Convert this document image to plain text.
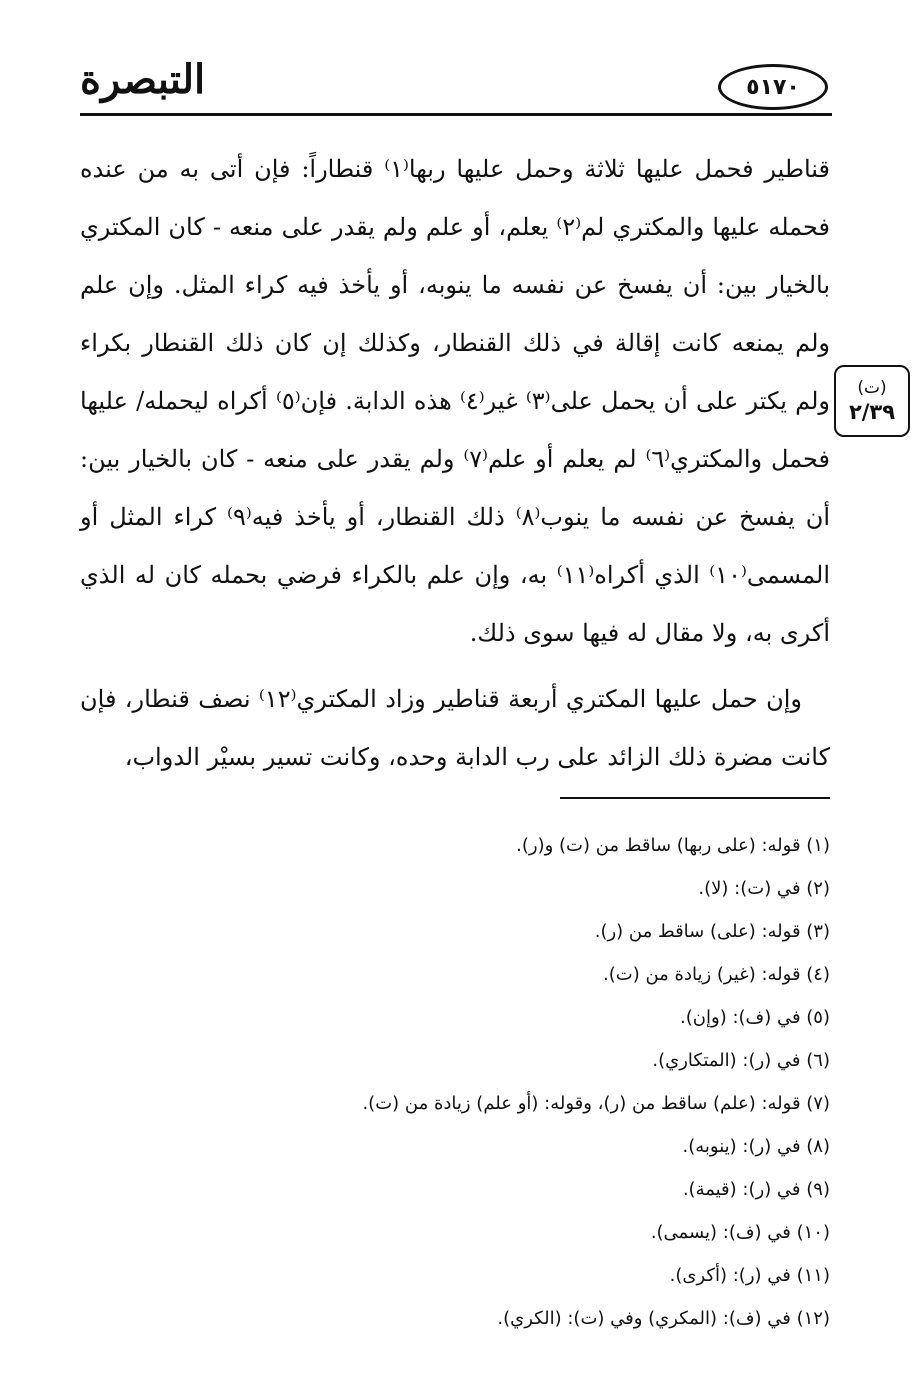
التبصرة	٥١٧٠
(ت)
٢/٣٩

قناطير فحمل عليها ثلاثة وحمل عليها ربها⁽١⁾ قنطاراً: فإن أتى به من عنده فحمله عليها والمكتري لم⁽٢⁾ يعلم، أو علم ولم يقدر على منعه - كان المكتري بالخيار بين: أن يفسخ عن نفسه ما ينوبه، أو يأخذ فيه كراء المثل. وإن علم ولم يمنعه كانت إقالة في ذلك القنطار، وكذلك إن كان ذلك القنطار بكراء ولم يكتر على أن يحمل على⁽٣⁾ غير⁽٤⁾ هذه الدابة. فإن⁽٥⁾ أكراه ليحمله/ عليها فحمل والمكتري⁽٦⁾ لم يعلم أو علم⁽٧⁾ ولم يقدر على منعه - كان بالخيار بين: أن يفسخ عن نفسه ما ينوب⁽٨⁾ ذلك القنطار، أو يأخذ فيه⁽٩⁾ كراء المثل أو المسمى⁽١٠⁾ الذي أكراه⁽١١⁾ به، وإن علم بالكراء فرضي بحمله كان له الذي أكرى به، ولا مقال له فيها سوى ذلك.

وإن حمل عليها المكتري أربعة قناطير وزاد المكتري⁽١٢⁾ نصف قنطار، فإن كانت مضرة ذلك الزائد على رب الدابة وحده، وكانت تسير بسيْر الدواب،

(١) قوله: (على ربها) ساقط من (ت) و(ر).
(٢) في (ت): (لا).
(٣) قوله: (على) ساقط من (ر).
(٤) قوله: (غير) زيادة من (ت).
(٥) في (ف): (وإن).
(٦) في (ر): (المتكاري).
(٧) قوله: (علم) ساقط من (ر)، وقوله: (أو علم) زيادة من (ت).
(٨) في (ر): (ينوبه).
(٩) في (ر): (قيمة).
(١٠) في (ف): (يسمى).
(١١) في (ر): (أكرى).
(١٢) في (ف): (المكري) وفي (ت): (الكري).
